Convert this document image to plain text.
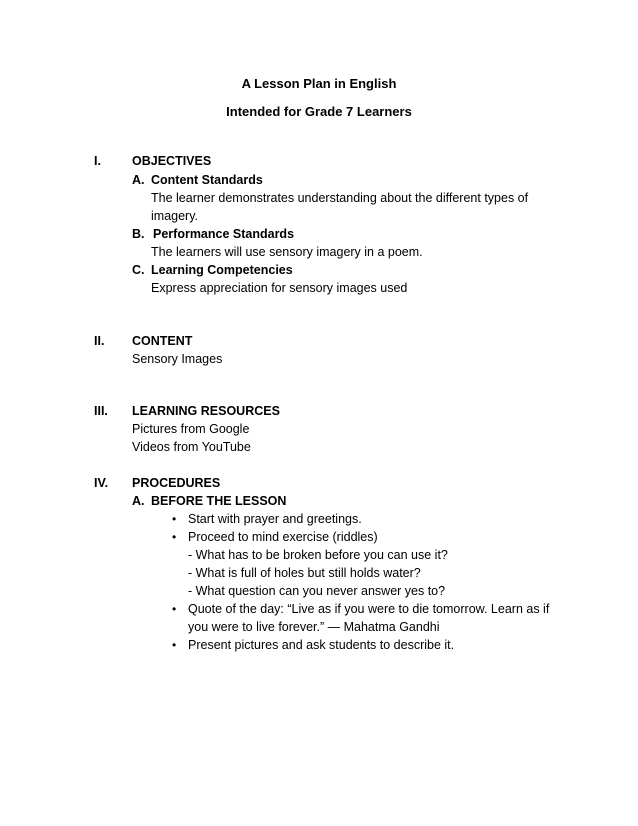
A Lesson Plan in English
Intended for Grade 7 Learners
I. OBJECTIVES
A. Content Standards
The learner demonstrates understanding about the different types of
imagery.
B. Performance Standards
The learners will use sensory imagery in a poem.
C. Learning Competencies
Express appreciation for sensory images used
II. CONTENT
Sensory Images
III. LEARNING RESOURCES
Pictures from Google
Videos from YouTube
IV. PROCEDURES
A. BEFORE THE LESSON
• Start with prayer and greetings.
• Proceed to mind exercise (riddles)
- What has to be broken before you can use it?
- What is full of holes but still holds water?
- What question can you never answer yes to?
• Quote of the day: “Live as if you were to die tomorrow. Learn as if
you were to live forever.” — Mahatma Gandhi
• Present pictures and ask students to describe it.
